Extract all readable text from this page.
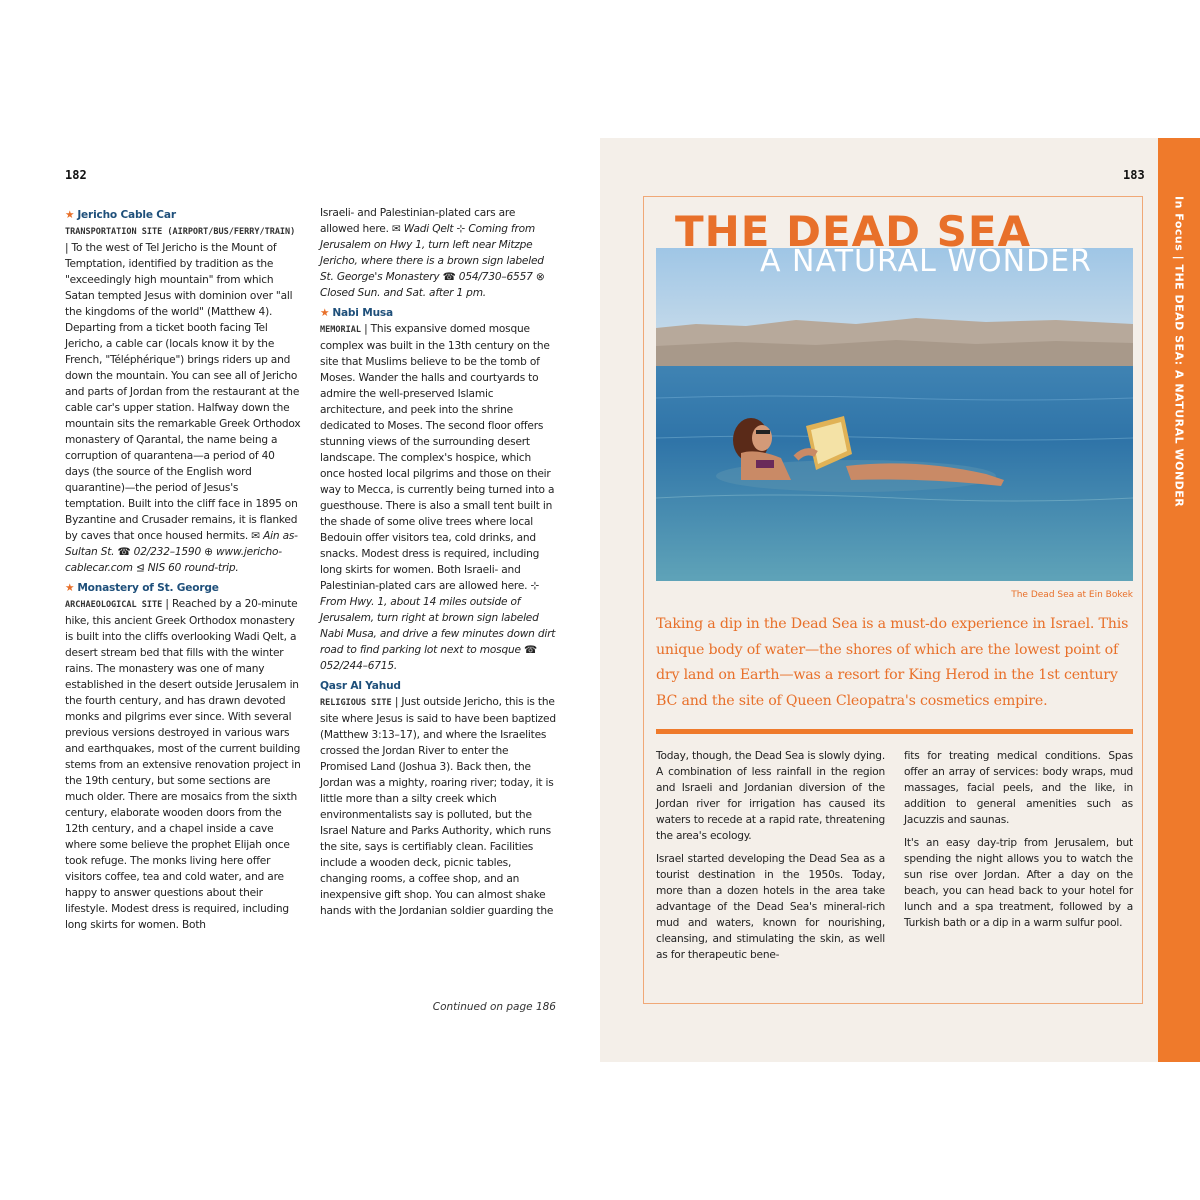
In Focus | THE DEAD SEA: A NATURAL WONDER
182	183

★ Jericho Cable Car
TRANSPORTATION SITE (AIRPORT/BUS/FERRY/TRAIN) | To the west of Tel Jericho is the Mount of Temptation, identified by tradition as the "exceedingly high mountain" from which Satan tempted Jesus with dominion over "all the kingdoms of the world" (Matthew 4). Departing from a ticket booth facing Tel Jericho, a cable car (locals know it by the French, "Téléphérique") brings riders up and down the mountain. You can see all of Jericho and parts of Jordan from the restaurant at the cable car's upper station. Halfway down the mountain sits the remarkable Greek Orthodox monastery of Qarantal, the name being a corruption of quarantena—a period of 40 days (the source of the English word quarantine)—the period of Jesus's temptation. Built into the cliff face in 1895 on Byzantine and Crusader remains, it is flanked by caves that once housed hermits. ✉ Ain as-Sultan St. ☎ 02/232–1590 ⊕ www.jericho-cablecar.com ⊴ NIS 60 round-trip.

★ Monastery of St. George
ARCHAEOLOGICAL SITE | Reached by a 20-minute hike, this ancient Greek Orthodox monastery is built into the cliffs overlooking Wadi Qelt, a desert stream bed that fills with the winter rains. The monastery was one of many established in the desert outside Jerusalem in the fourth century, and has drawn devoted monks and pilgrims ever since. With several previous versions destroyed in various wars and earthquakes, most of the current building stems from an extensive renovation project in the 19th century, but some sections are much older. There are mosaics from the sixth century, elaborate wooden doors from the 12th century, and a chapel inside a cave where some believe the prophet Elijah once took refuge. The monks living here offer visitors coffee, tea and cold water, and are happy to answer questions about their lifestyle. Modest dress is required, including long skirts for women. Both

Israeli- and Palestinian-plated cars are allowed here. ✉ Wadi Qelt ⊹ Coming from Jerusalem on Hwy 1, turn left near Mitzpe Jericho, where there is a brown sign labeled St. George's Monastery ☎ 054/730–6557 ⊗ Closed Sun. and Sat. after 1 pm.

★ Nabi Musa
MEMORIAL | This expansive domed mosque complex was built in the 13th century on the site that Muslims believe to be the tomb of Moses. Wander the halls and courtyards to admire the well-preserved Islamic architecture, and peek into the shrine dedicated to Moses. The second floor offers stunning views of the surrounding desert landscape. The complex's hospice, which once hosted local pilgrims and those on their way to Mecca, is currently being turned into a guesthouse. There is also a small tent built in the shade of some olive trees where local Bedouin offer visitors tea, cold drinks, and snacks. Modest dress is required, including long skirts for women. Both Israeli- and Palestinian-plated cars are allowed here. ⊹ From Hwy. 1, about 14 miles outside of Jerusalem, turn right at brown sign labeled Nabi Musa, and drive a few minutes down dirt road to find parking lot next to mosque ☎ 052/244–6715.

Qasr Al Yahud
RELIGIOUS SITE | Just outside Jericho, this is the site where Jesus is said to have been baptized (Matthew 3:13–17), and where the Israelites crossed the Jordan River to enter the Promised Land (Joshua 3). Back then, the Jordan was a mighty, roaring river; today, it is little more than a silty creek which environmentalists say is polluted, but the Israel Nature and Parks Authority, which runs the site, says is certifiably clean. Facilities include a wooden deck, picnic tables, changing rooms, a coffee shop, and an inexpensive gift shop. You can almost shake hands with the Jordanian soldier guarding the

Continued on page 186
THE DEAD SEA
A NATURAL WONDER
The Dead Sea at Ein Bokek
Taking a dip in the Dead Sea is a must-do experience in Israel. This unique body of water—the shores of which are the lowest point of dry land on Earth—was a resort for King Herod in the 1st century BC and the site of Queen Cleopatra's cosmetics empire.

Today, though, the Dead Sea is slowly dying. A combination of less rainfall in the region and Israeli and Jordanian diversion of the Jordan river for irrigation has caused its waters to recede at a rapid rate, threatening the area's ecology.

Israel started developing the Dead Sea as a tourist destination in the 1950s. Today, more than a dozen hotels in the area take advantage of the Dead Sea's mineral-rich mud and waters, known for nourishing, cleansing, and stimulating the skin, as well as for therapeutic bene-

fits for treating medical conditions. Spas offer an array of services: body wraps, mud massages, facial peels, and the like, in addition to general amenities such as Jacuzzis and saunas.

It's an easy day-trip from Jerusalem, but spending the night allows you to watch the sun rise over Jordan. After a day on the beach, you can head back to your hotel for lunch and a spa treatment, followed by a Turkish bath or a dip in a warm sulfur pool.
